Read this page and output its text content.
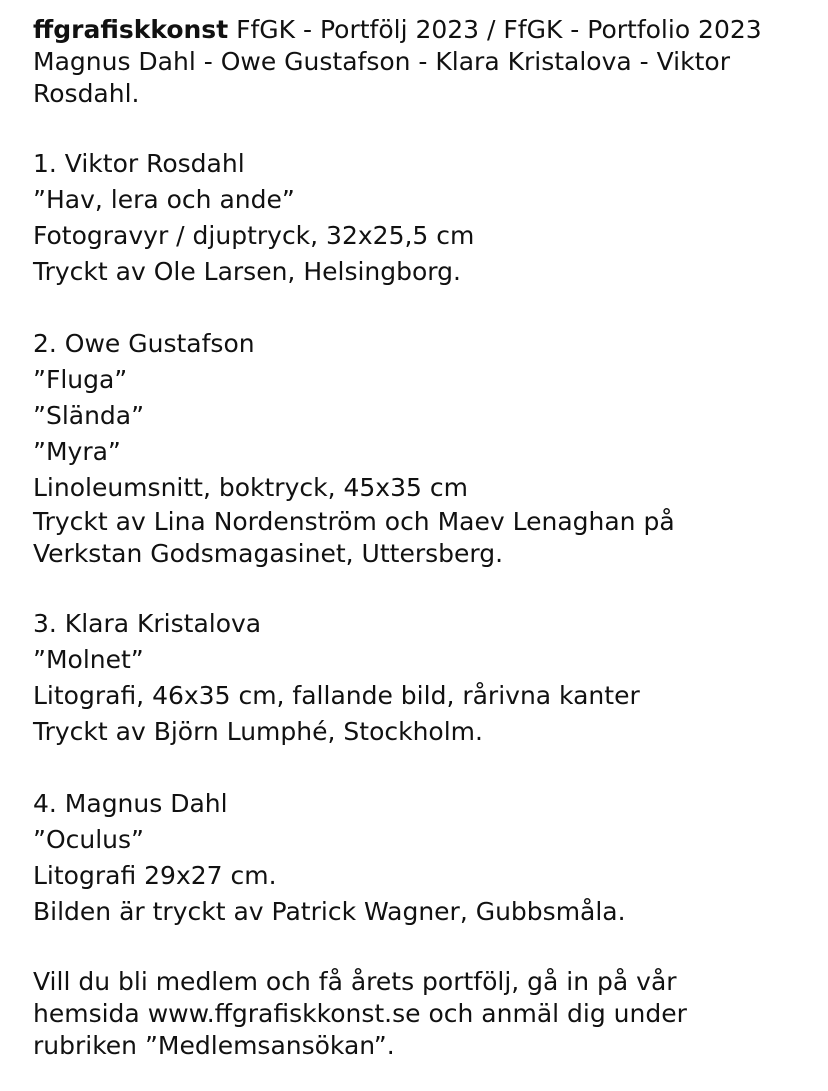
ffgrafiskkonst FfGK - Portfölj 2023 / FfGK - Portfolio 2023
Magnus Dahl - Owe Gustafson - Klara Kristalova - Viktor
Rosdahl.
1. Viktor Rosdahl
”Hav, lera och ande”
Fotogravyr / djuptryck, 32x25,5 cm
Tryckt av Ole Larsen, Helsingborg.
2. Owe Gustafson
”Fluga”
”Slända”
”Myra”
Linoleumsnitt, boktryck, 45x35 cm
Tryckt av Lina Nordenström och Maev Lenaghan på
Verkstan Godsmagasinet, Uttersberg.
3. Klara Kristalova
”Molnet”
Litografi, 46x35 cm, fallande bild, rårivna kanter
Tryckt av Björn Lumphé, Stockholm.
4. Magnus Dahl
”Oculus”
Litografi 29x27 cm.
Bilden är tryckt av Patrick Wagner, Gubbsmåla.
Vill du bli medlem och få årets portfölj, gå in på vår
hemsida www.ffgrafiskkonst.se och anmäl dig under
rubriken ”Medlemsansökan”.
